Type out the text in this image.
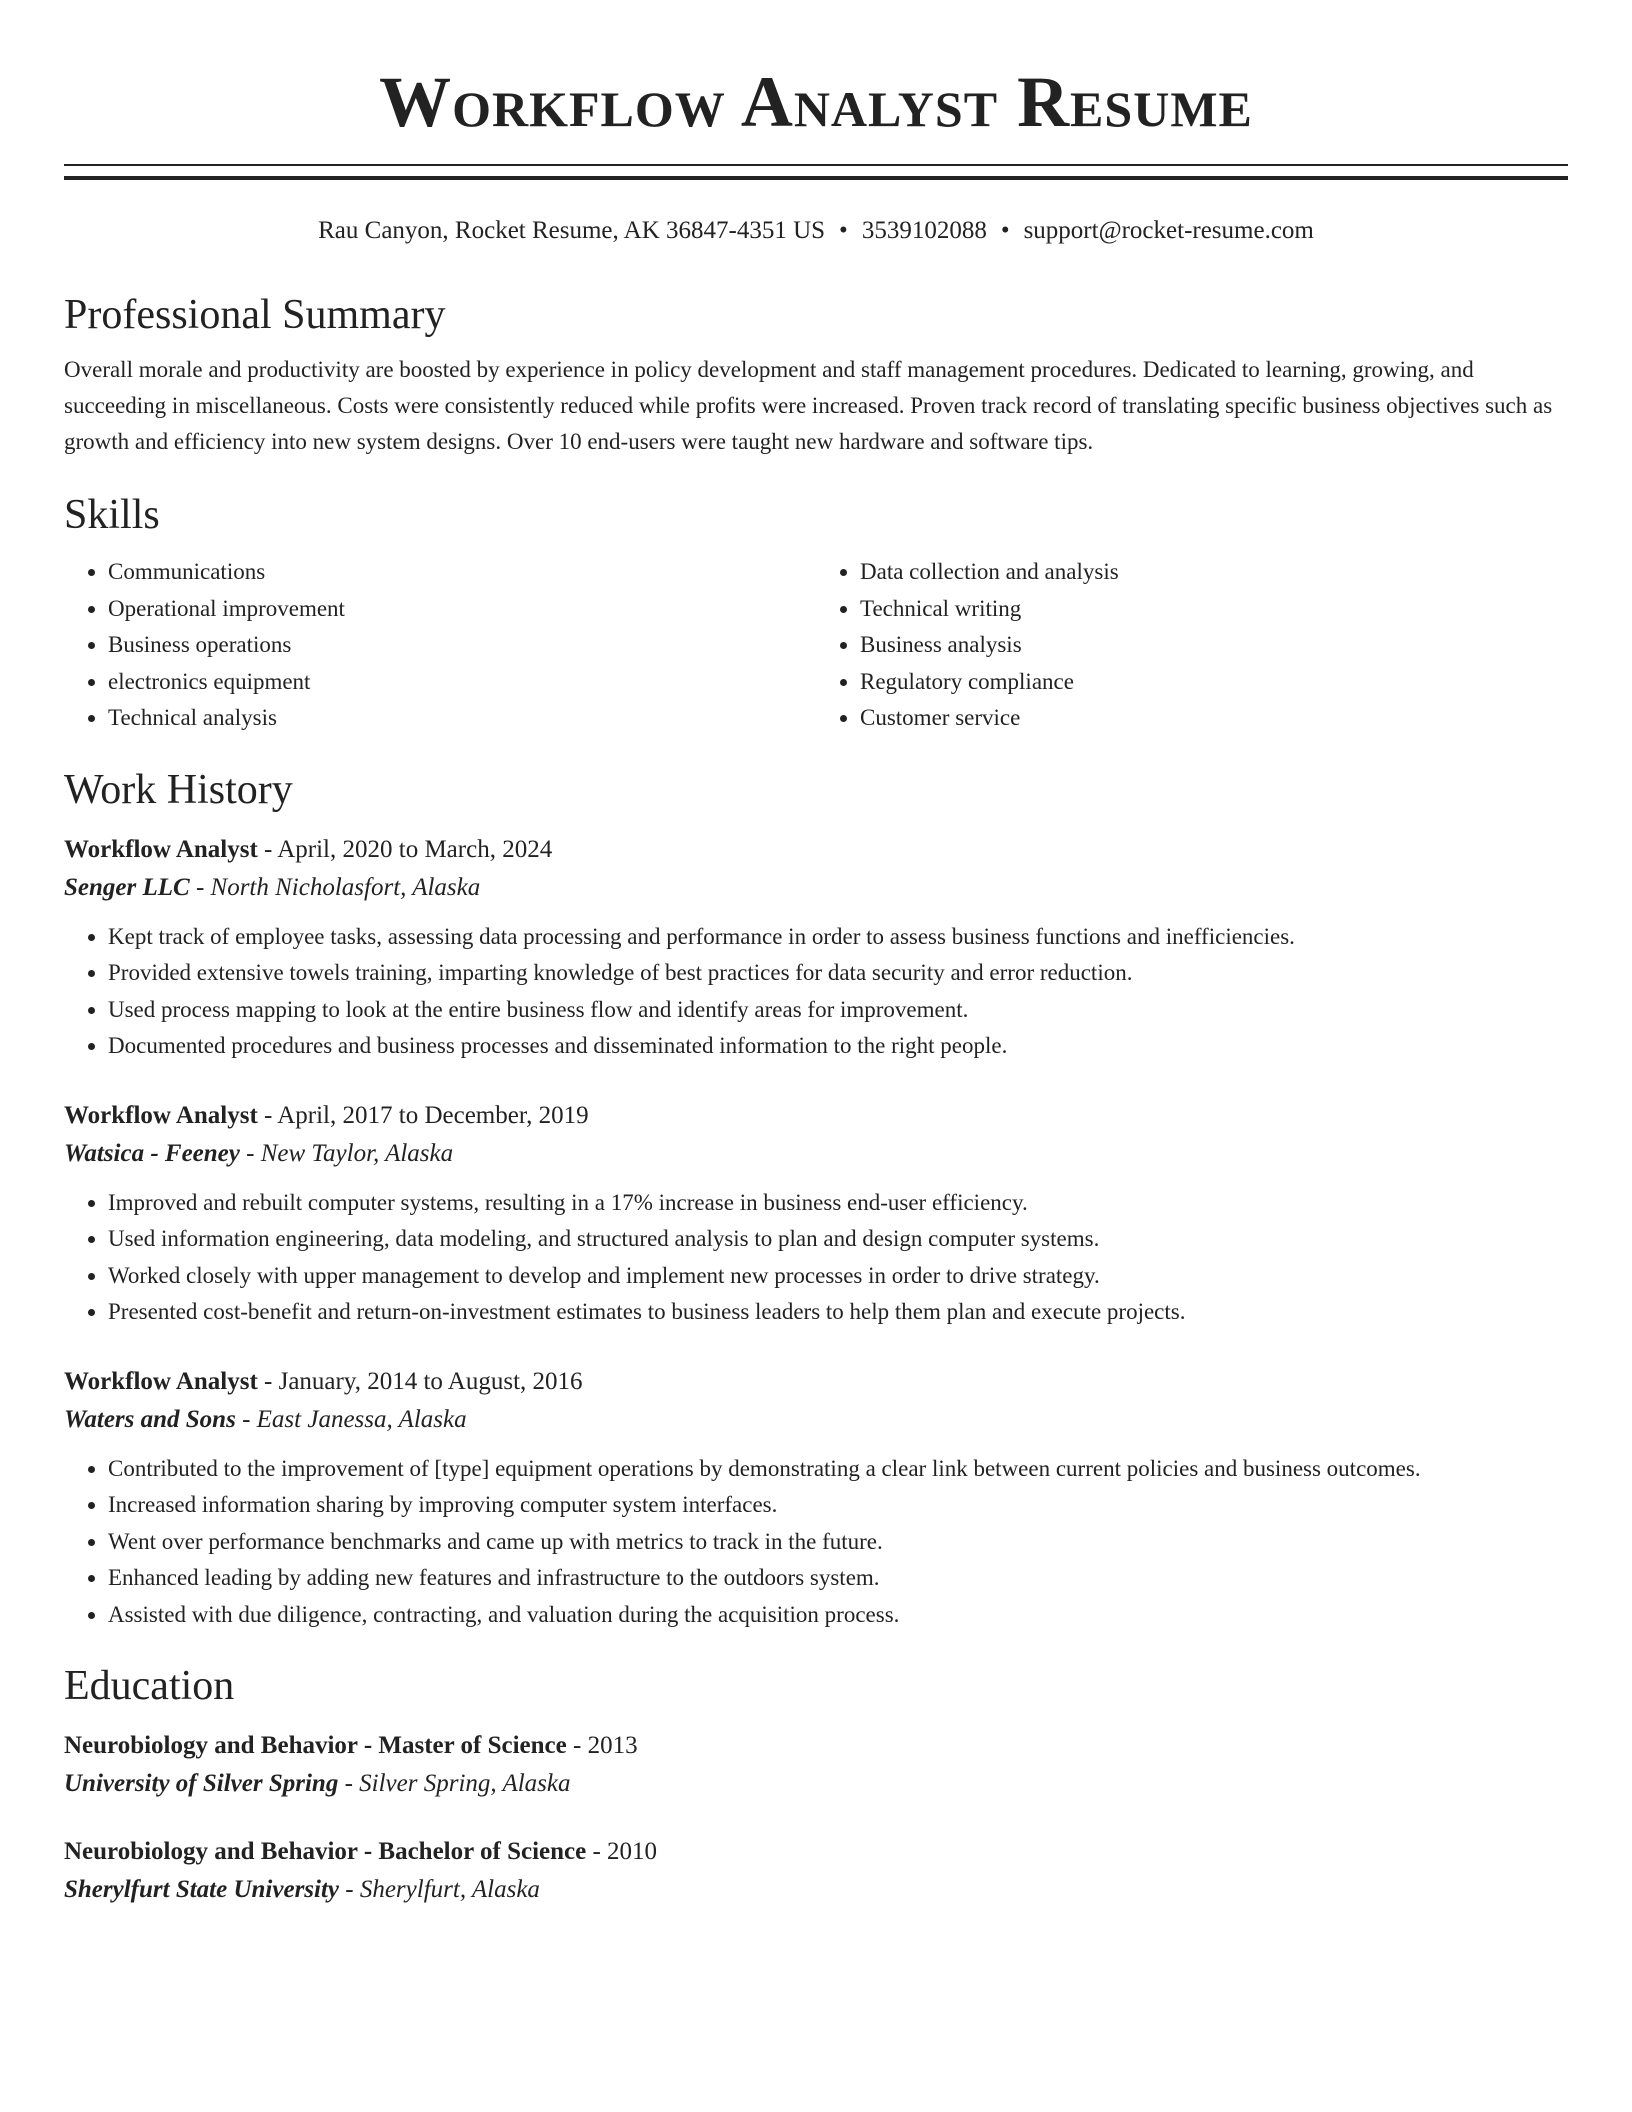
Workflow Analyst Resume
Rau Canyon, Rocket Resume, AK 36847-4351 US • 3539102088 • support@rocket-resume.com
Professional Summary

Overall morale and productivity are boosted by experience in policy development and staff management procedures. Dedicated to learning, growing, and succeeding in miscellaneous. Costs were consistently reduced while profits were increased. Proven track record of translating specific business objectives such as growth and efficiency into new system designs. Over 10 end-users were taught new hardware and software tips.

Skills
• Communications
• Operational improvement
• Business operations
• electronics equipment
• Technical analysis
• Data collection and analysis
• Technical writing
• Business analysis
• Regulatory compliance
• Customer service
Work History
Workflow Analyst - April, 2020 to March, 2024
Senger LLC - North Nicholasfort, Alaska
• Kept track of employee tasks, assessing data processing and performance in order to assess business functions and inefficiencies.
• Provided extensive towels training, imparting knowledge of best practices for data security and error reduction.
• Used process mapping to look at the entire business flow and identify areas for improvement.
• Documented procedures and business processes and disseminated information to the right people.
Workflow Analyst - April, 2017 to December, 2019
Watsica - Feeney - New Taylor, Alaska
• Improved and rebuilt computer systems, resulting in a 17% increase in business end-user efficiency.
• Used information engineering, data modeling, and structured analysis to plan and design computer systems.
• Worked closely with upper management to develop and implement new processes in order to drive strategy.
• Presented cost-benefit and return-on-investment estimates to business leaders to help them plan and execute projects.
Workflow Analyst - January, 2014 to August, 2016
Waters and Sons - East Janessa, Alaska
• Contributed to the improvement of [type] equipment operations by demonstrating a clear link between current policies and business outcomes.
• Increased information sharing by improving computer system interfaces.
• Went over performance benchmarks and came up with metrics to track in the future.
• Enhanced leading by adding new features and infrastructure to the outdoors system.
• Assisted with due diligence, contracting, and valuation during the acquisition process.
Education
Neurobiology and Behavior - Master of Science - 2013
University of Silver Spring - Silver Spring, Alaska
Neurobiology and Behavior - Bachelor of Science - 2010
Sherylfurt State University - Sherylfurt, Alaska
